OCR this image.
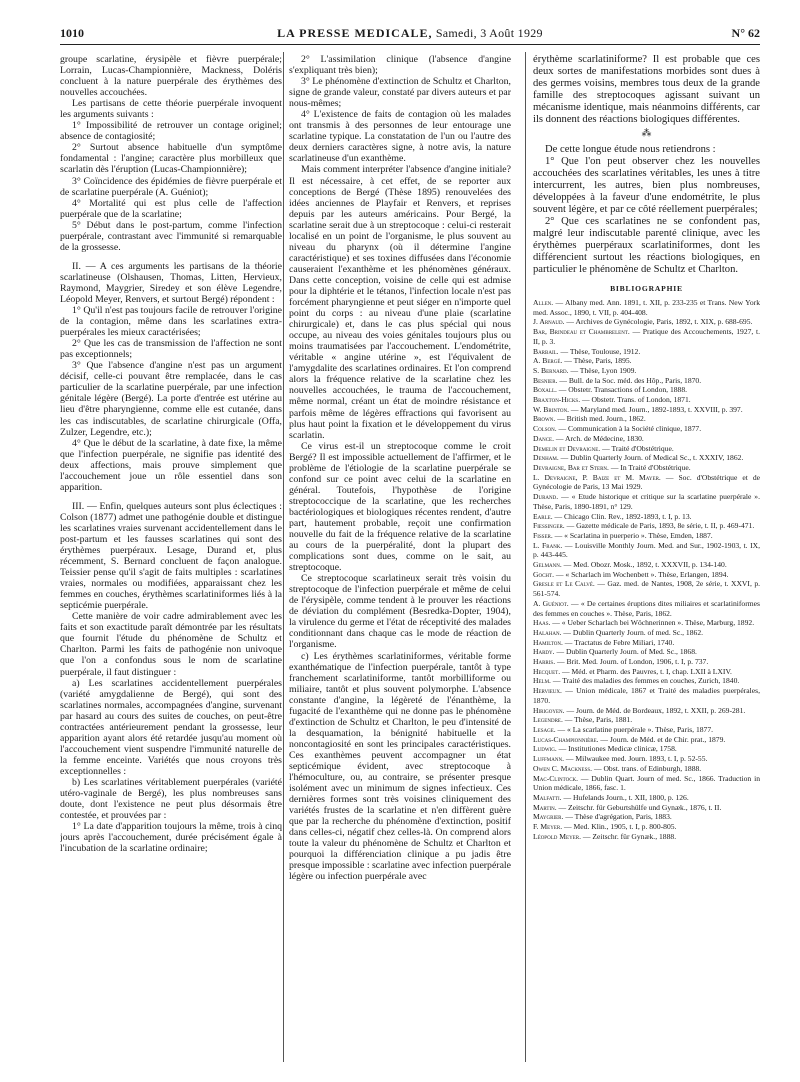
1010	LA PRESSE MEDICALE, Samedi, 3 Août 1929	N° 62

groupe scarlatine, érysipèle et fièvre puerpérale; Lorrain, Lucas-Championnière, Mackness, Doléris concluent à la nature puerpérale des érythèmes des nouvelles accouchées.

Les partisans de cette théorie puerpérale invoquent les arguments suivants :

1° Impossibilité de retrouver un contage originel; absence de contagiosité;

2° Surtout absence habituelle d'un symptôme fondamental : l'angine; caractère plus morbilleux que scarlatin dès l'éruption (Lucas-Championnière);

3° Coïncidence des épidémies de fièvre puerpérale et de scarlatine puerpérale (A. Guéniot);

4° Mortalité qui est plus celle de l'affection puerpérale que de la scarlatine;

5° Début dans le post-partum, comme l'infection puerpérale, contrastant avec l'immunité si remarquable de la grossesse.

II. — A ces arguments les partisans de la théorie scarlatineuse (Olshausen, Thomas, Litten, Hervieux, Raymond, Maygrier, Siredey et son élève Legendre, Léopold Meyer, Renvers, et surtout Bergé) répondent :

1° Qu'il n'est pas toujours facile de retrouver l'origine de la contagion, même dans les scarlatines extra-puerpérales les mieux caractérisées;

2° Que les cas de transmission de l'affection ne sont pas exceptionnels;

3° Que l'absence d'angine n'est pas un argument décisif, celle-ci pouvant être remplacée, dans le cas particulier de la scarlatine puerpérale, par une infection génitale légère (Bergé). La porte d'entrée est utérine au lieu d'être pharyngienne, comme elle est cutanée, dans les cas indiscutables, de scarlatine chirurgicale (Offa, Zulzer, Legendre, etc.);

4° Que le début de la scarlatine, à date fixe, la même que l'infection puerpérale, ne signifie pas identité des deux affections, mais prouve simplement que l'accouchement joue un rôle essentiel dans son apparition.

III. — Enfin, quelques auteurs sont plus éclectiques : Colson (1877) admet une pathogénie double et distingue les scarlatines vraies survenant accidentellement dans le post-partum et les fausses scarlatines qui sont des érythèmes puerpéraux. Lesage, Durand et, plus récemment, S. Bernard concluent de façon analogue. Teissier pense qu'il s'agit de faits multiples : scarlatines vraies, normales ou modifiées, apparaissant chez les femmes en couches, érythèmes scarlatiniformes liés à la septicémie puerpérale.

Cette manière de voir cadre admirablement avec les faits et son exactitude paraît démontrée par les résultats que fournit l'étude du phénomène de Schultz et Charlton. Parmi les faits de pathogénie non univoque que l'on a confondus sous le nom de scarlatine puerpérale, il faut distinguer :

a) Les scarlatines accidentellement puerpérales (variété amygdalienne de Bergé), qui sont des scarlatines normales, accompagnées d'angine, survenant par hasard au cours des suites de couches, on peut-être contractées antérieurement pendant la grossesse, leur apparition ayant alors été retardée jusqu'au moment où l'accouchement vient suspendre l'immunité naturelle de la femme enceinte. Variétés que nous croyons très exceptionnelles :

b) Les scarlatines véritablement puerpérales (variété utéro-vaginale de Bergé), les plus nombreuses sans doute, dont l'existence ne peut plus désormais être contestée, et prouvées par :

1° La date d'apparition toujours la même, trois à cinq jours après l'accouchement, durée précisément égale à l'incubation de la scarlatine ordinaire;

2° L'assimilation clinique (l'absence d'angine s'expliquant très bien);

3° Le phénomène d'extinction de Schultz et Charlton, signe de grande valeur, constaté par divers auteurs et par nous-mêmes;

4° L'existence de faits de contagion où les malades ont transmis à des personnes de leur entourage une scarlatine typique. La constatation de l'un ou l'autre des deux derniers caractères signe, à notre avis, la nature scarlatineuse d'un exanthème.

Mais comment interpréter l'absence d'angine initiale? Il est nécessaire, à cet effet, de se reporter aux conceptions de Bergé (Thèse 1895) renouvelées des idées anciennes de Playfair et Renvers, et reprises depuis par les auteurs américains. Pour Bergé, la scarlatine serait due à un streptocoque : celui-ci resterait localisé en un point de l'organisme, le plus souvent au niveau du pharynx (où il détermine l'angine caractéristique) et ses toxines diffusées dans l'économie causeraient l'exanthème et les phénomènes généraux. Dans cette conception, voisine de celle qui est admise pour la diphtérie et le tétanos, l'infection locale n'est pas forcément pharyngienne et peut siéger en n'importe quel point du corps : au niveau d'une plaie (scarlatine chirurgicale) et, dans le cas plus spécial qui nous occupe, au niveau des voies génitales toujours plus ou moins traumatisées par l'accouchement. L'endométrite, véritable « angine utérine », est l'équivalent de l'amygdalite des scarlatines ordinaires. Et l'on comprend alors la fréquence relative de la scarlatine chez les nouvelles accouchées, le trauma de l'accouchement, même normal, créant un état de moindre résistance et parfois même de légères effractions qui favorisent au plus haut point la fixation et le développement du virus scarlatin.

Ce virus est-il un streptocoque comme le croit Bergé? Il est impossible actuellement de l'affirmer, et le problème de l'étiologie de la scarlatine puerpérale se confond sur ce point avec celui de la scarlatine en général. Toutefois, l'hypothèse de l'origine streptococcique de la scarlatine, que les recherches bactériologiques et biologiques récentes rendent, d'autre part, hautement probable, reçoit une confirmation nouvelle du fait de la fréquence relative de la scarlatine au cours de la puerpéralité, dont la plupart des complications sont dues, comme on le sait, au streptocoque.

Ce streptocoque scarlatineux serait très voisin du streptocoque de l'infection puerpérale et même de celui de l'érysipèle, comme tendent à le prouver les réactions de déviation du complément (Besredka-Dopter, 1904), la virulence du germe et l'état de réceptivité des malades conditionnant dans chaque cas le mode de réaction de l'organisme.

c) Les érythèmes scarlatiniformes, véritable forme exanthématique de l'infection puerpérale, tantôt à type franchement scarlatiniforme, tantôt morbilliforme ou miliaire, tantôt et plus souvent polymorphe. L'absence constante d'angine, la légèreté de l'énanthème, la fugacité de l'exanthème qui ne donne pas le phénomène d'extinction de Schultz et Charlton, le peu d'intensité de la desquamation, la bénignité habituelle et la noncontagiosité en sont les principales caractéristiques. Ces exanthèmes peuvent accompagner un état septicémique évident, avec streptocoque à l'hémoculture, ou, au contraire, se présenter presque isolément avec un minimum de signes infectieux. Ces dernières formes sont très voisines cliniquement des variétés frustes de la scarlatine et n'en diffèrent guère que par la recherche du phénomène d'extinction, positif dans celles-ci, négatif chez celles-là. On comprend alors toute la valeur du phénomène de Schultz et Charlton et pourquoi la différenciation clinique a pu jadis être presque impossible : scarlatine avec infection puerpérale légère ou infection puerpérale avec

érythème scarlatiniforme? Il est probable que ces deux sortes de manifestations morbides sont dues à des germes voisins, membres tous deux de la grande famille des streptocoques agissant suivant un mécanisme identique, mais néanmoins différents, car ils donnent des réactions biologiques différentes.

⁂

De cette longue étude nous retiendrons :

1° Que l'on peut observer chez les nouvelles accouchées des scarlatines véritables, les unes à titre intercurrent, les autres, bien plus nombreuses, développées à la faveur d'une endométrite, le plus souvent légère, et par ce côté réellement puerpérales;

2° Que ces scarlatines ne se confondent pas, malgré leur indiscutable parenté clinique, avec les érythèmes puerpéraux scarlatiniformes, dont les différencient surtout les réactions biologiques, en particulier le phénomène de Schultz et Charlton.

BIBLIOGRAPHIE

Allen. — Albany med. Ann. 1891, t. XII, p. 233-235 et Trans. New York med. Assoc., 1890, t. VII, p. 404-408.

J. Arnaud. — Archives de Gynécologie, Paris, 1892, t. XIX, p. 688-695.

Bar, Brindeau et Chambrelent. — Pratique des Accouchements, 1927, t. II, p. 3.

Barbail. — Thèse, Toulouse, 1912.

A. Bergé. — Thèse, Paris, 1895.

S. Bernard. — Thèse, Lyon 1909.

Besnier. — Bull. de la Soc. méd. des Hôp., Paris, 1870.

Boxall. — Obstetr. Transactions of London, 1888.

Braxton-Hicks. — Obstetr. Trans. of London, 1871.

W. Brinton. — Maryland med. Journ., 1892-1893, t. XXVIII, p. 397.

Brown. — British med. Journ., 1862.

Colson. — Communication à la Société clinique, 1877.

Dance. — Arch. de Médecine, 1830.

Demelin et Devraigne. — Traité d'Obstétrique.

Denham. — Dublin Quarterly Journ. of Medical Sc., t. XXXIV, 1862.

Devraigne, Bar et Stern. — In Traité d'Obstétrique.

L. Devraigne, P. Baize et M. Mayer. — Soc. d'Obstétrique et de Gynécologie de Paris, 13 Mai 1929.

Durand. — « Etude historique et critique sur la scarlatine puerpérale ». Thèse, Paris, 1890-1891, n° 129.

Earle. — Chicago Clin. Rev., 1892-1893, t. I, p. 13.

Fiessinger. — Gazette médicale de Paris, 1893, 8e série, t. II, p. 469-471.

Fisser. — « Scarlatina in puerperio ». Thèse, Emden, 1887.

L. Frank. — Louisville Monthly Journ. Med. and Sur., 1902-1903, t. IX, p. 443-445.

Gelmann. — Med. Obozr. Mosk., 1892, t. XXXVII, p. 134-140.

Gocht. — « Scharlach im Wochenbett ». Thèse, Erlangen, 1894.

Gresle et Le Calvé. — Gaz. med. de Nantes, 1908, 2e série, t. XXVI, p. 561-574.

A. Guéniot. — « De certaines éruptions dites miliaires et scarlatiniformes des femmes en couches ». Thèse, Paris, 1862.

Haas. — « Ueber Scharlach bei Wöchnerinnen ». Thèse, Marburg, 1892.

Halahan. — Dublin Quarterly Journ. of med. Sc., 1862.

Hamilton. — Tractatus de Febre Miliari, 1740.

Hardy. — Dublin Quarterly Journ. of Med. Sc., 1868.

Harris. — Brit. Med. Journ. of London, 1906, t. I, p. 737.

Hecquet. — Méd. et Pharm. des Pauvres, t. I, chap. LXII à LXIV.

Helm. — Traité des maladies des femmes en couches, Zurich, 1840.

Hervieux. — Union médicale, 1867 et Traité des maladies puerpérales, 1870.

Hirigoyen. — Journ. de Méd. de Bordeaux, 1892, t. XXII, p. 269-281.

Legendre. — Thèse, Paris, 1881.

Lesage. — « La scarlatine puerpérale ». Thèse, Paris, 1877.

Lucas-Championnière. — Journ. de Méd. et de Chir. prat., 1879.

Ludwig. — Institutiones Medicæ clinicæ, 1758.

Luffmann. — Milwaukee med. Journ. 1893, t. I, p. 52-55.

Owen C. Mackness. — Obst. trans. of Edinburgh, 1888.

Mac-Clintock. — Dublin Quart. Journ of med. Sc., 1866. Traduction in Union médicale, 1866, fasc. 1.

Malfatti. — Hufelands Journ., t. XII, 1800, p. 126.

Martin. — Zeitschr. für Geburtshülfe und Gynæk., 1876, t. II.

Maygrier. — Thèse d'agrégation, Paris, 1883.

F. Meyer. — Med. Klin., 1905, t. I, p. 800-805.

Léopold Meyer. — Zeitschr. für Gynæk., 1888.
